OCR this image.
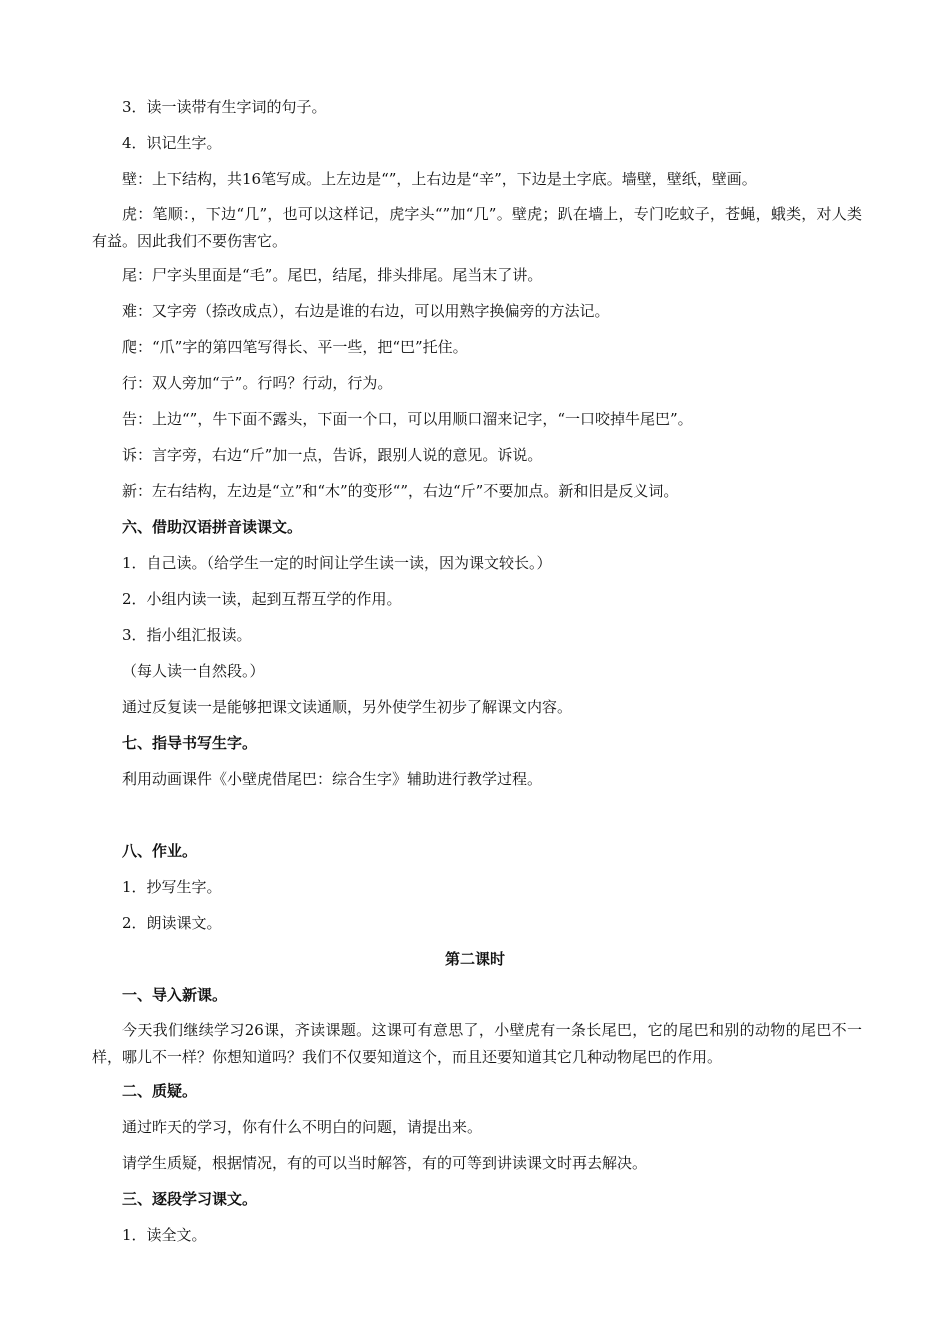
3．读一读带有生字词的句子。

4．识记生字。

壁：上下结构，共16笔写成。上左边是“”，上右边是“辛”，下边是土字底。墙壁，壁纸，壁画。

虎：笔顺：，下边“几”，也可以这样记，虎字头“”加“几”。壁虎；趴在墙上，专门吃蚊子，苍蝇，蛾类，对人类有益。因此我们不要伤害它。

尾：尸字头里面是“毛”。尾巴，结尾，排头排尾。尾当末了讲。

难：又字旁（捺改成点），右边是谁的右边，可以用熟字换偏旁的方法记。

爬：“爪”字的第四笔写得长、平一些，把“巴”托住。

行：双人旁加“亍”。行吗？行动，行为。

告：上边“”，牛下面不露头，下面一个口，可以用顺口溜来记字，“一口咬掉牛尾巴”。

诉：言字旁，右边“斤”加一点，告诉，跟别人说的意见。诉说。

新：左右结构，左边是“立”和“木”的变形“”，右边“斤”不要加点。新和旧是反义词。

六、借助汉语拼音读课文。

1．自己读。（给学生一定的时间让学生读一读，因为课文较长。）

2．小组内读一读，起到互帮互学的作用。

3．指小组汇报读。

（每人读一自然段。）

通过反复读一是能够把课文读通顺，另外使学生初步了解课文内容。

七、指导书写生字。

利用动画课件《小壁虎借尾巴：综合生字》辅助进行教学过程。

八、作业。

1．抄写生字。

2．朗读课文。

第二课时

一、导入新课。

今天我们继续学习26课，齐读课题。这课可有意思了，小壁虎有一条长尾巴，它的尾巴和别的动物的尾巴不一样，哪儿不一样？你想知道吗？我们不仅要知道这个，而且还要知道其它几种动物尾巴的作用。

二、质疑。

通过昨天的学习，你有什么不明白的问题，请提出来。

请学生质疑，根据情况，有的可以当时解答，有的可等到讲读课文时再去解决。

三、逐段学习课文。

1．读全文。
